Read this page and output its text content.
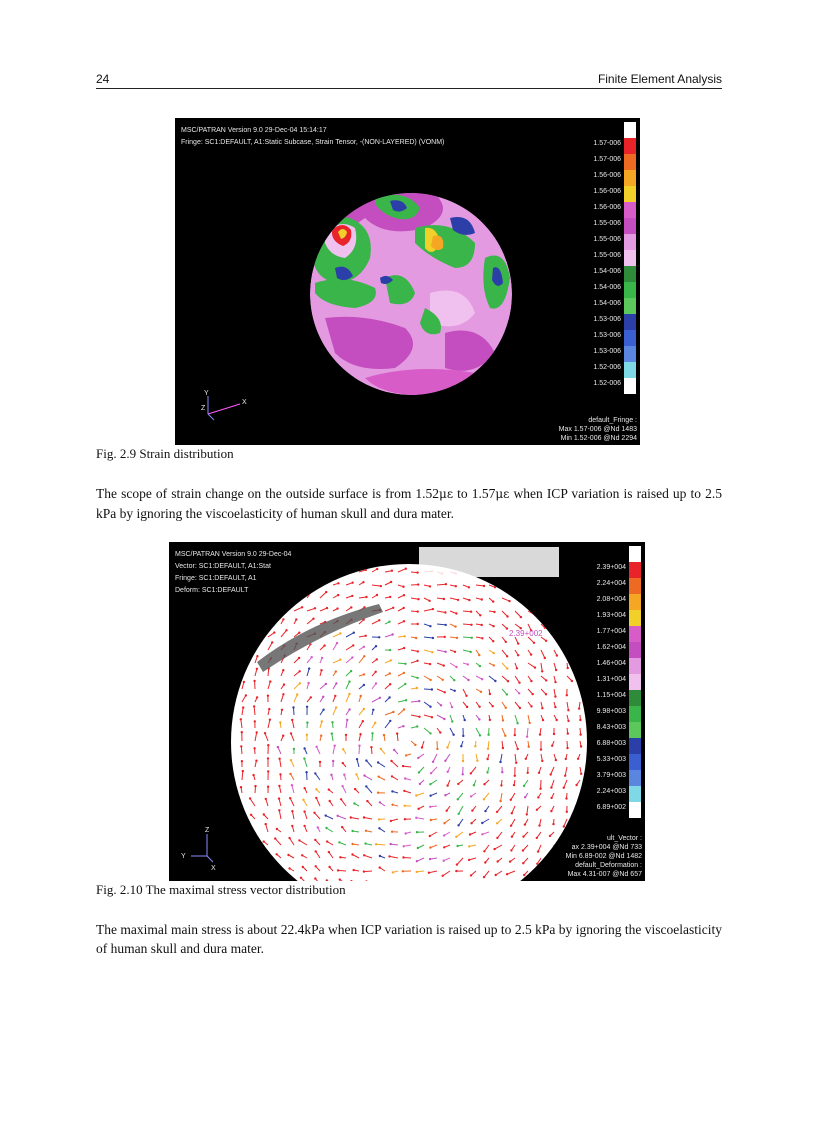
24	Finite Element Analysis
MSC/PATRAN Version 9.0 29-Dec-04 15:14:17
Fringe: SC1:DEFAULT, A1:Static Subcase, Strain Tensor, -(NON-LAYERED) (VONM)	1.57-006
1.57-006
1.56-006
1.56-006
1.56-006
1.55-006
1.55-006
1.55-006
1.54-006
1.54-006
1.54-006
1.53-006
1.53-006
1.53-006
1.52-006
1.52-006
default_Fringe :
Max 1.57-006 @Nd 1483
Min 1.52-006 @Nd 2294
Y
Z
X
Fig. 2.9 Strain distribution
The scope of strain change on the outside surface is from 1.52με to 1.57με when ICP variation is raised up to 2.5 kPa by ignoring the viscoelasticity of human skull and dura mater.
MSC/PATRAN Version 9.0 29-Dec-04
Vector: SC1:DEFAULT, A1:Stat
Fringe: SC1:DEFAULT, A1
Deform: SC1:DEFAULT
2.39+002
2.39+004
2.24+004
2.08+004
1.93+004
1.77+004
1.62+004
1.46+004
1.31+004
1.15+004
9.98+003
8.43+003
6.88+003
5.33+003
3.79+003
2.24+003
6.89+002
ult_Vector :
ax 2.39+004 @Nd 733
Min 6.89-002 @Nd 1482
default_Deformation :
Max 4.31-007 @Nd 657
Z
Y
X
Fig. 2.10 The maximal stress vector distribution
The maximal main stress is about 22.4kPa when ICP variation is raised up to 2.5 kPa by ignoring the viscoelasticity of human skull and dura mater.
